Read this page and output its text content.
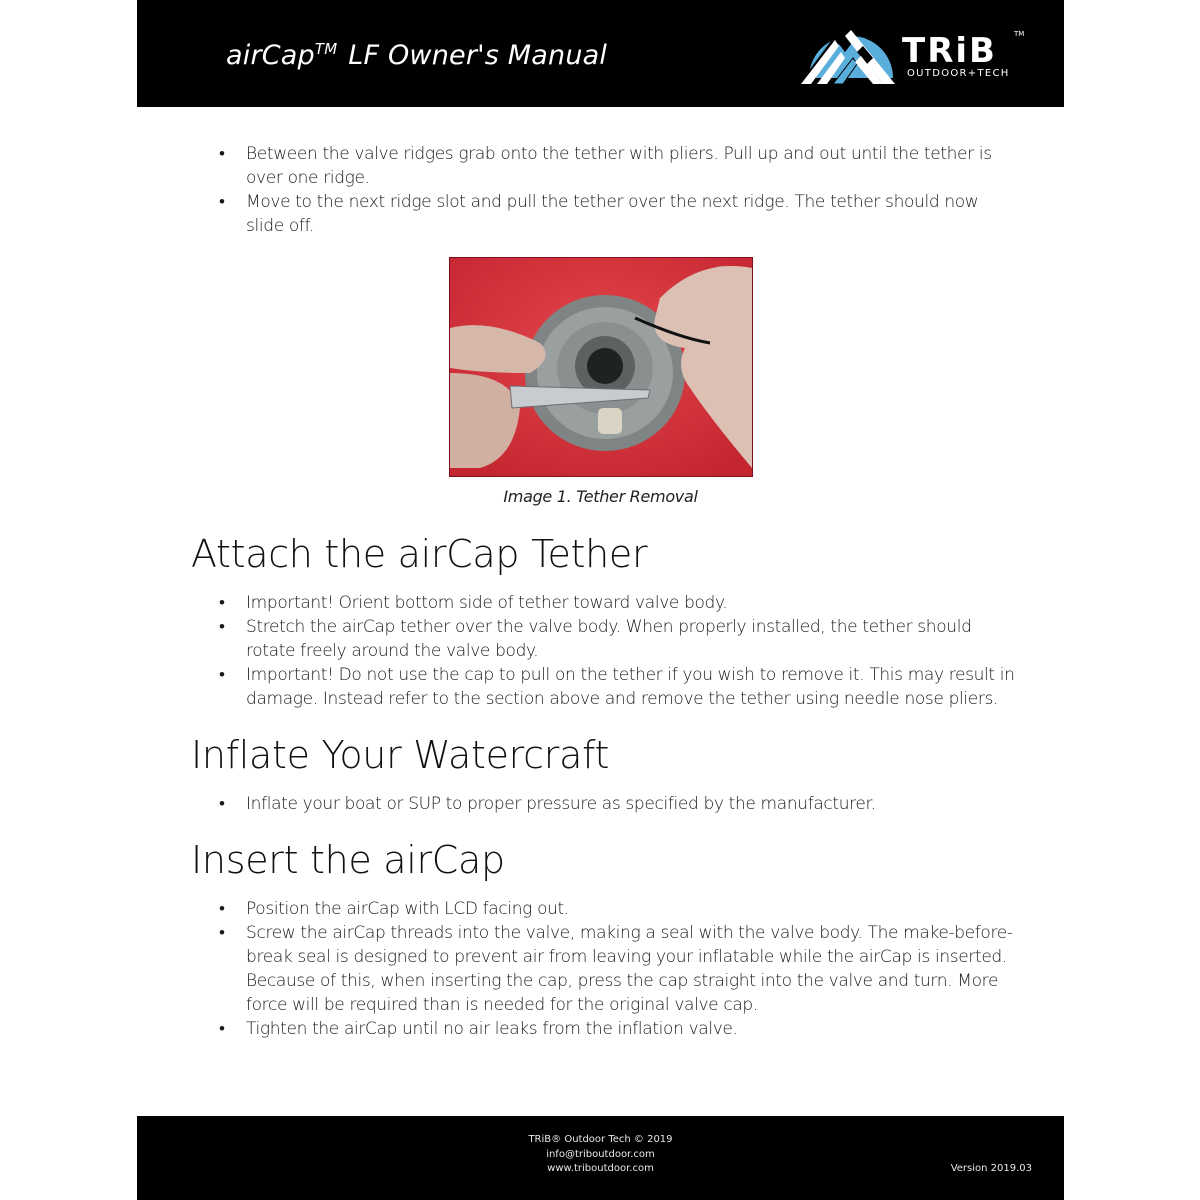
airCap™ LF Owner's Manual	TRiB TM
OUTDOOR+TECH
• Between the valve ridges grab onto the tether with pliers. Pull up and out until the tether is over one ridge.
• Move to the next ridge slot and pull the tether over the next ridge. The tether should now slide off.
Image 1. Tether Removal
Attach the airCap Tether
• Important! Orient bottom side of tether toward valve body.
• Stretch the airCap tether over the valve body. When properly installed, the tether should rotate freely around the valve body.
• Important! Do not use the cap to pull on the tether if you wish to remove it. This may result in damage. Instead refer to the section above and remove the tether using needle nose pliers.
Inflate Your Watercraft
• Inflate your boat or SUP to proper pressure as specified by the manufacturer.
Insert the airCap
• Position the airCap with LCD facing out.
• Screw the airCap threads into the valve, making a seal with the valve body. The make-before-break seal is designed to prevent air from leaving your inflatable while the airCap is inserted. Because of this, when inserting the cap, press the cap straight into the valve and turn. More force will be required than is needed for the original valve cap.
• Tighten the airCap until no air leaks from the inflation valve.
TRiB® Outdoor Tech © 2019
info@triboutdoor.com
www.triboutdoor.com	Version 2019.03
